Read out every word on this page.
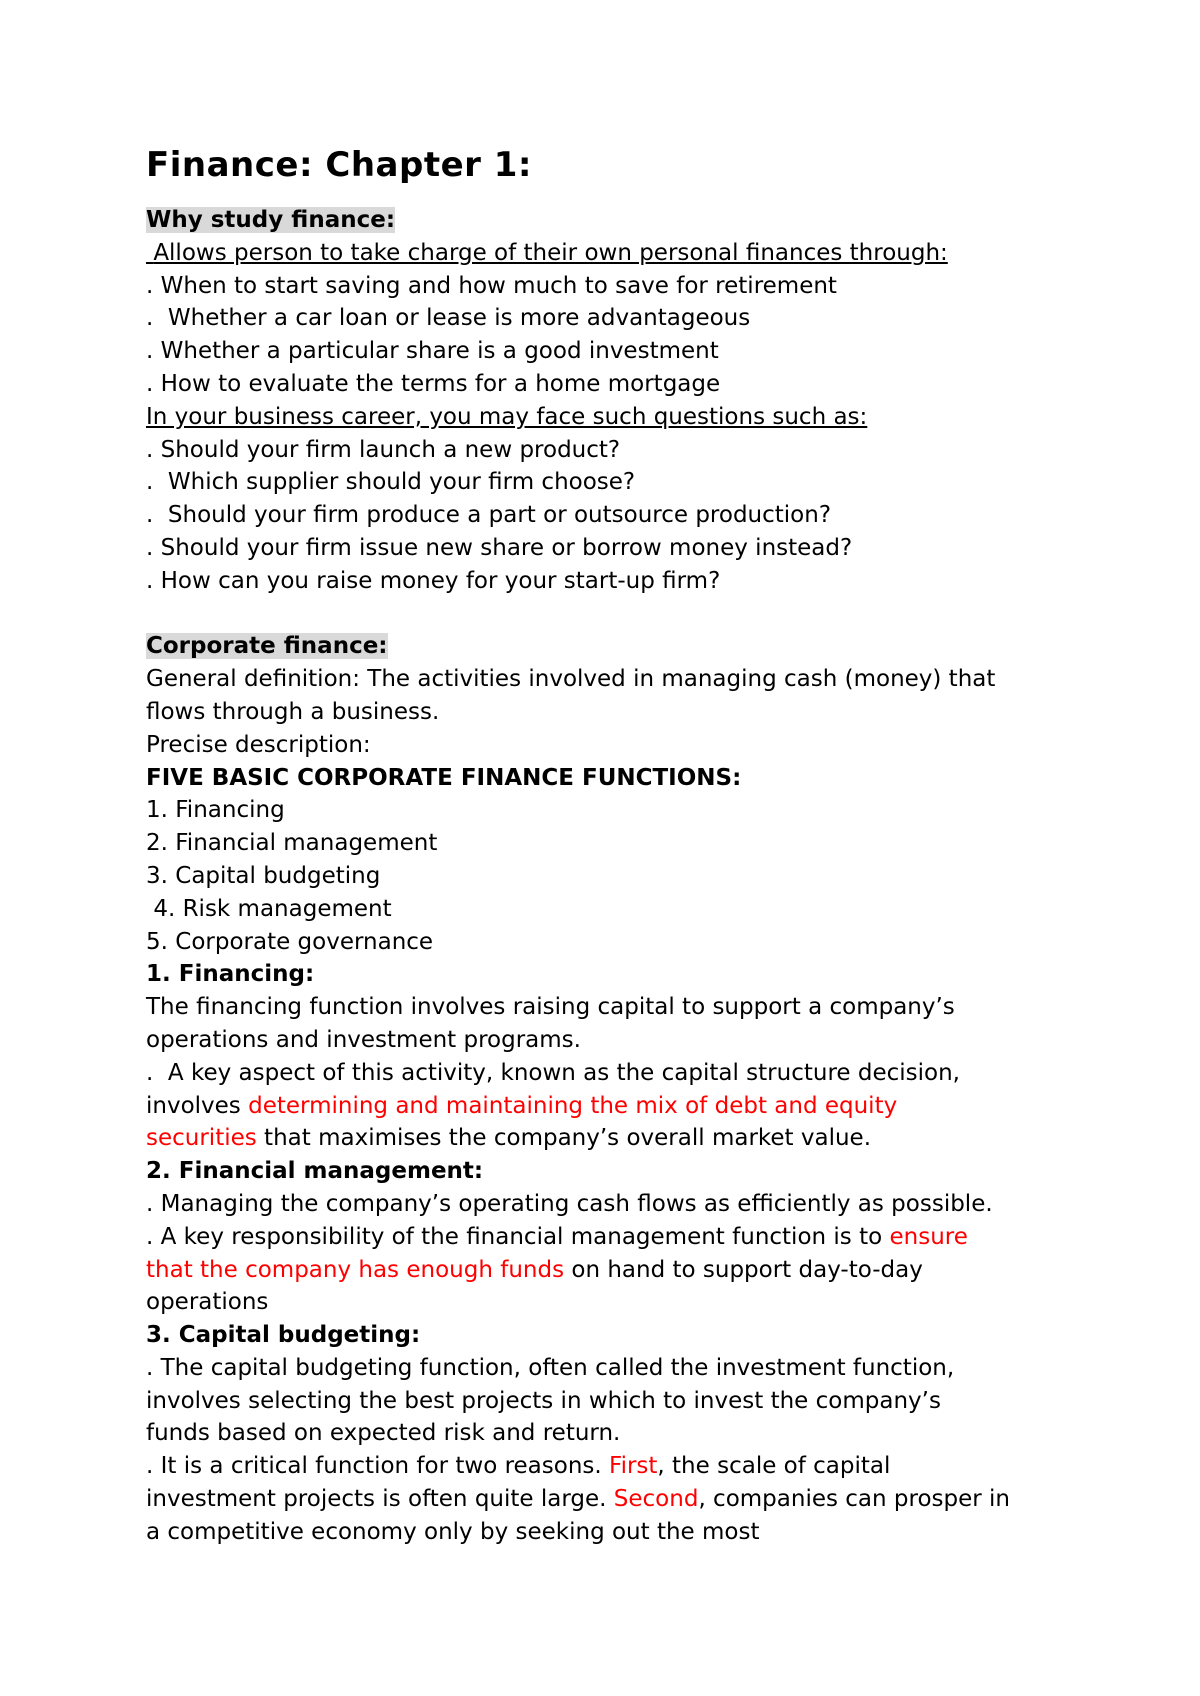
Finance: Chapter 1:

Why study finance:

Allows person to take charge of their own personal finances through:

. When to start saving and how much to save for retirement

.  Whether a car loan or lease is more advantageous

. Whether a particular share is a good investment

. How to evaluate the terms for a home mortgage

In your business career, you may face such questions such as:

. Should your firm launch a new product?

.  Which supplier should your firm choose?

.  Should your firm produce a part or outsource production?

. Should your firm issue new share or borrow money instead?

. How can you raise money for your start-up firm?

Corporate finance:

General definition: The activities involved in managing cash (money) that

flows through a business.

Precise description:

FIVE BASIC CORPORATE FINANCE FUNCTIONS:

1. Financing

2. Financial management

3. Capital budgeting

4. Risk management

5. Corporate governance

1. Financing:

The financing function involves raising capital to support a company’s

operations and investment programs.

.  A key aspect of this activity, known as the capital structure decision,

involves determining and maintaining the mix of debt and equity

securities that maximises the company’s overall market value.

2. Financial management:

. Managing the company’s operating cash flows as efficiently as possible.

. A key responsibility of the financial management function is to ensure

that the company has enough funds on hand to support day-to-day

operations

3. Capital budgeting:

. The capital budgeting function, often called the investment function,

involves selecting the best projects in which to invest the company’s

funds based on expected risk and return.

. It is a critical function for two reasons. First, the scale of capital

investment projects is often quite large. Second, companies can prosper in

a competitive economy only by seeking out the most
